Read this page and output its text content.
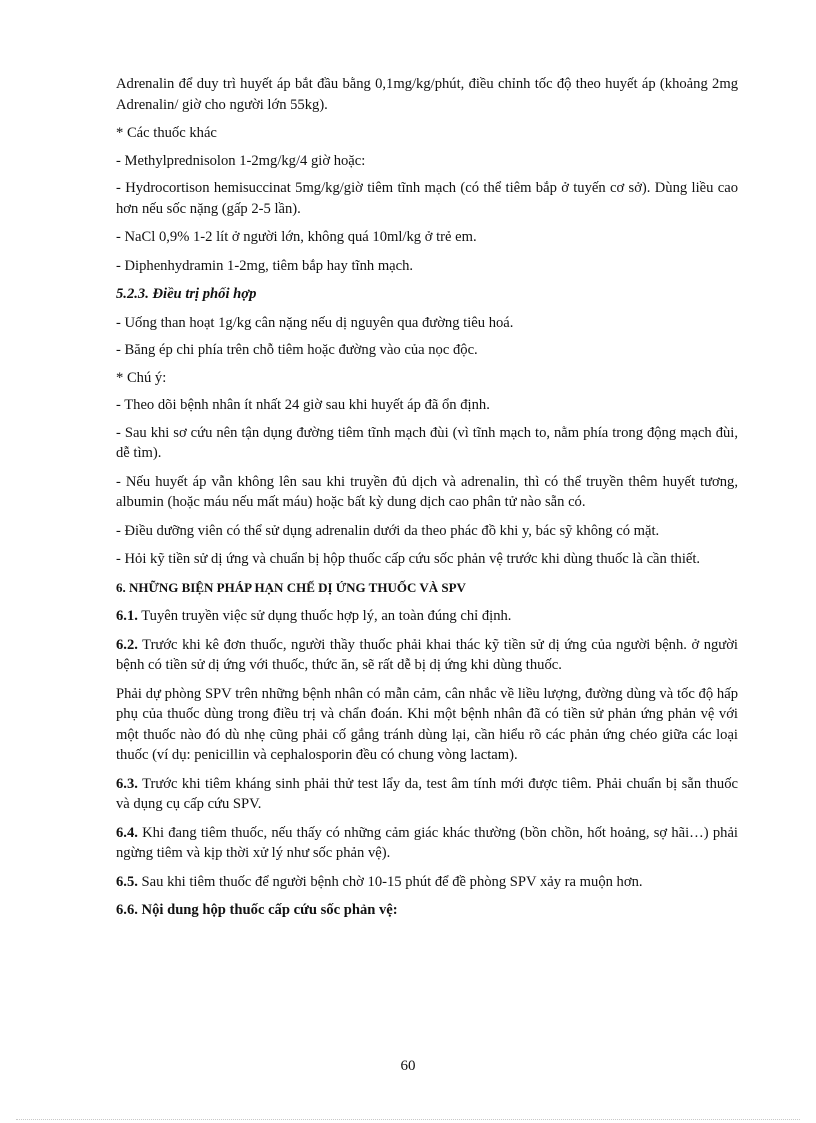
Adrenalin để duy trì huyết áp bắt đầu bằng 0,1mg/kg/phút, điều chỉnh tốc độ theo huyết áp (khoảng 2mg Adrenalin/ giờ cho người lớn 55kg).

* Các thuốc khác

- Methylprednisolon 1-2mg/kg/4 giờ hoặc:

- Hydrocortison hemisuccinat 5mg/kg/giờ tiêm tĩnh mạch (có thể tiêm bắp ở tuyến cơ sở). Dùng liều cao hơn nếu sốc nặng (gấp 2-5 lần).

- NaCl 0,9% 1-2 lít ở người lớn, không quá 10ml/kg ở trẻ em.

- Diphenhydramin 1-2mg, tiêm bắp hay tĩnh mạch.

5.2.3. Điều trị phối hợp

- Uống than hoạt 1g/kg cân nặng nếu dị nguyên qua đường tiêu hoá.

- Băng ép chi phía trên chỗ tiêm hoặc đường vào của nọc độc.

* Chú ý:

- Theo dõi bệnh nhân ít nhất 24 giờ sau khi huyết áp đã ổn định.

- Sau khi sơ cứu nên tận dụng đường tiêm tĩnh mạch đùi (vì tĩnh mạch to, nằm phía trong động mạch đùi, dễ tìm).

- Nếu huyết áp vẫn không lên sau khi truyền đủ dịch và adrenalin, thì có thể truyền thêm huyết tương, albumin (hoặc máu nếu mất máu) hoặc bất kỳ dung dịch cao phân tử nào sẵn có.

- Điều dưỡng viên có thể sử dụng adrenalin dưới da theo phác đồ khi y, bác sỹ không có mặt.

- Hỏi kỹ tiền sử dị ứng và chuẩn bị hộp thuốc cấp cứu sốc phản vệ trước khi dùng thuốc là cần thiết.

6. NHỮNG BIỆN PHÁP HẠN CHẾ DỊ ỨNG THUỐC VÀ SPV

6.1. Tuyên truyền việc sử dụng thuốc hợp lý, an toàn đúng chỉ định.

6.2. Trước khi kê đơn thuốc, người thầy thuốc phải khai thác kỹ tiền sử dị ứng của người bệnh. ở người bệnh có tiền sử dị ứng với thuốc, thức ăn, sẽ rất dễ bị dị ứng khi dùng thuốc.

Phải dự phòng SPV trên những bệnh nhân có mẫn cảm, cân nhắc về liều lượng, đường dùng và tốc độ hấp phụ của thuốc dùng trong điều trị và chẩn đoán. Khi một bệnh nhân đã có tiền sử phản ứng phản vệ với một thuốc nào đó dù nhẹ cũng phải cố gắng tránh dùng lại, cần hiểu rõ các phản ứng chéo giữa các loại thuốc (ví dụ: penicillin và cephalosporin đều có chung vòng lactam).

6.3. Trước khi tiêm kháng sinh phải thử test lẩy da, test âm tính mới được tiêm. Phải chuẩn bị sẵn thuốc và dụng cụ cấp cứu SPV.

6.4. Khi đang tiêm thuốc, nếu thấy có những cảm giác khác thường (bồn chồn, hốt hoảng, sợ hãi…) phải ngừng tiêm và kịp thời xử lý như sốc phản vệ).

6.5. Sau khi tiêm thuốc để người bệnh chờ 10-15 phút để đề phòng SPV xảy ra muộn hơn.

6.6. Nội dung hộp thuốc cấp cứu sốc phản vệ:

60
